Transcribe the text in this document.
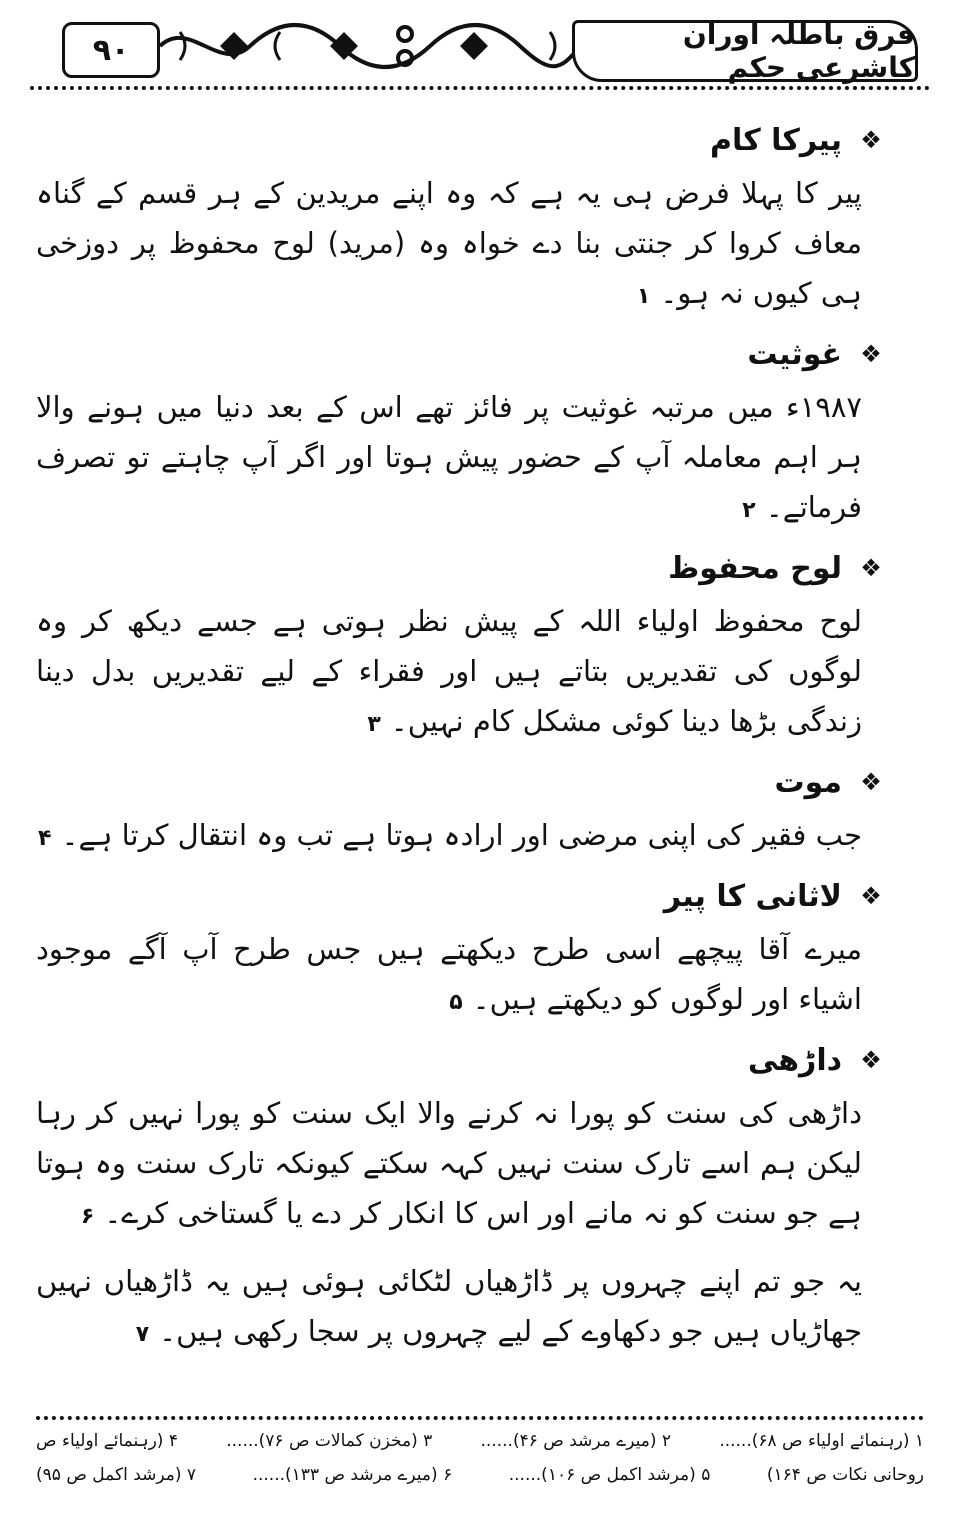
۹۰	فرق باطلہ اوران کاشرعی حکم
❖
پیرکا کام

پیر کا پہلا فرض ہی یہ ہے کہ وہ اپنے مریدین کے ہر قسم کے گناہ معاف کروا کر جنتی بنا دے خواہ وہ (مرید) لوح محفوظ پر دوزخی ہی کیوں نہ ہو۔۱

❖
غوثیت

۱۹۸۷ء میں مرتبہ غوثیت پر فائز تھے اس کے بعد دنیا میں ہونے والا ہر اہم معاملہ آپ کے حضور پیش ہوتا اور اگر آپ چاہتے تو تصرف فرماتے۔۲

❖
لوح محفوظ

لوح محفوظ اولیاء اللہ کے پیش نظر ہوتی ہے جسے دیکھ کر وہ لوگوں کی تقدیریں بتاتے ہیں اور فقراء کے لیے تقدیریں بدل دینا زندگی بڑھا دینا کوئی مشکل کام نہیں۔۳

❖
موت

جب فقیر کی اپنی مرضی اور ارادہ ہوتا ہے تب وہ انتقال کرتا ہے۔۴

❖
لاثانی کا پیر

میرے آقا پیچھے اسی طرح دیکھتے ہیں جس طرح آپ آگے موجود اشیاء اور لوگوں کو دیکھتے ہیں۔۵

❖
داڑھی

داڑھی کی سنت کو پورا نہ کرنے والا ایک سنت کو پورا نہیں کر رہا لیکن ہم اسے تارک سنت نہیں کہہ سکتے کیونکہ تارک سنت وہ ہوتا ہے جو سنت کو نہ مانے اور اس کا انکار کر دے یا گستاخی کرے۔۶

یہ جو تم اپنے چہروں پر ڈاڑھیاں لٹکائی ہوئی ہیں یہ ڈاڑھیاں نہیں جھاڑیاں ہیں جو دکھاوے کے لیے چہروں پر سجا رکھی ہیں۔۷

۱ (رہنمائے اولیاء ص ۶۸)......
۲ (میرے مرشد ص ۴۶)......
۳ (مخزن کمالات ص ۷۶)......
۴ (رہنمائے اولیاء ص
روحانی نکات ص ۱۶۴)
۵ (مرشد اکمل ص ۱۰۶)......
۶ (میرے مرشد ص ۱۳۳)......
۷ (مرشد اکمل ص ۹۵)
